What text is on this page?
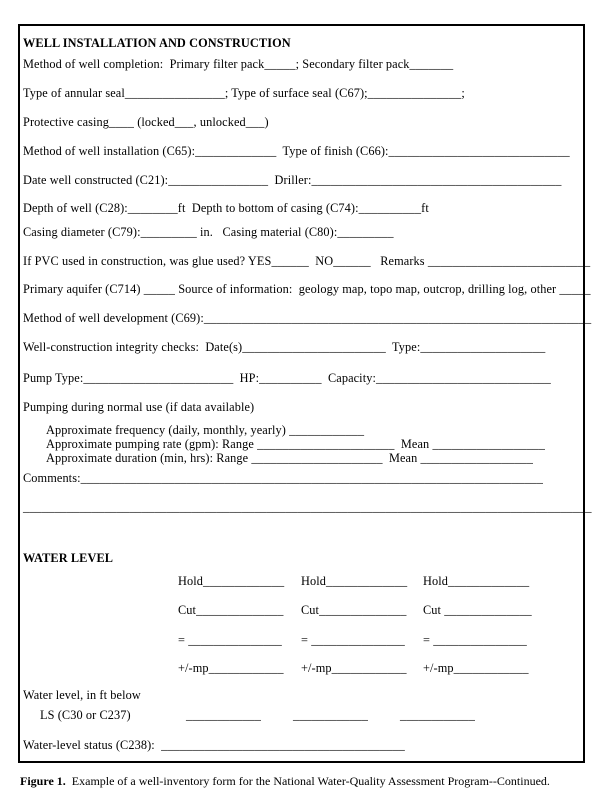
WELL INSTALLATION AND CONSTRUCTION
Method of well completion:  Primary filter pack_____; Secondary filter pack_______
Type of annular seal________________; Type of surface seal (C67);_______________;
Protective casing____ (locked___, unlocked___)
Method of well installation (C65):_____________  Type of finish (C66):_____________________________
Date well constructed (C21):________________  Driller:________________________________________
Depth of well (C28):________ft  Depth to bottom of casing (C74):__________ft
Casing diameter (C79):_________ in.   Casing material (C80):_________
If PVC used in construction, was glue used? YES______  NO______   Remarks __________________________
Primary aquifer (C714) _____ Source of information:  geology map, topo map, outcrop, drilling log, other _____
Method of well development (C69):______________________________________________________________
Well-construction integrity checks:  Date(s)_______________________  Type:____________________
Pump Type:________________________  HP:__________  Capacity:____________________________
Pumping during normal use (if data available)
Approximate frequency (daily, monthly, yearly) ____________
Approximate pumping rate (gpm): Range ______________________  Mean __________________
Approximate duration (min, hrs): Range _____________________  Mean __________________
Comments:__________________________________________________________________________
___________________________________________________________________________________________
WATER LEVEL
Hold_____________ Hold_____________ Hold_____________
Cut______________ Cut______________ Cut ______________
= _______________ = _______________ = _______________
+/-mp____________ +/-mp____________ +/-mp____________
Water level, in ft below
LS (C30 or C237)	____________	____________	____________
Water-level status (C238):  _______________________________________
Figure 1.  Example of a well-inventory form for the National Water-Quality Assessment Program--Continued.
